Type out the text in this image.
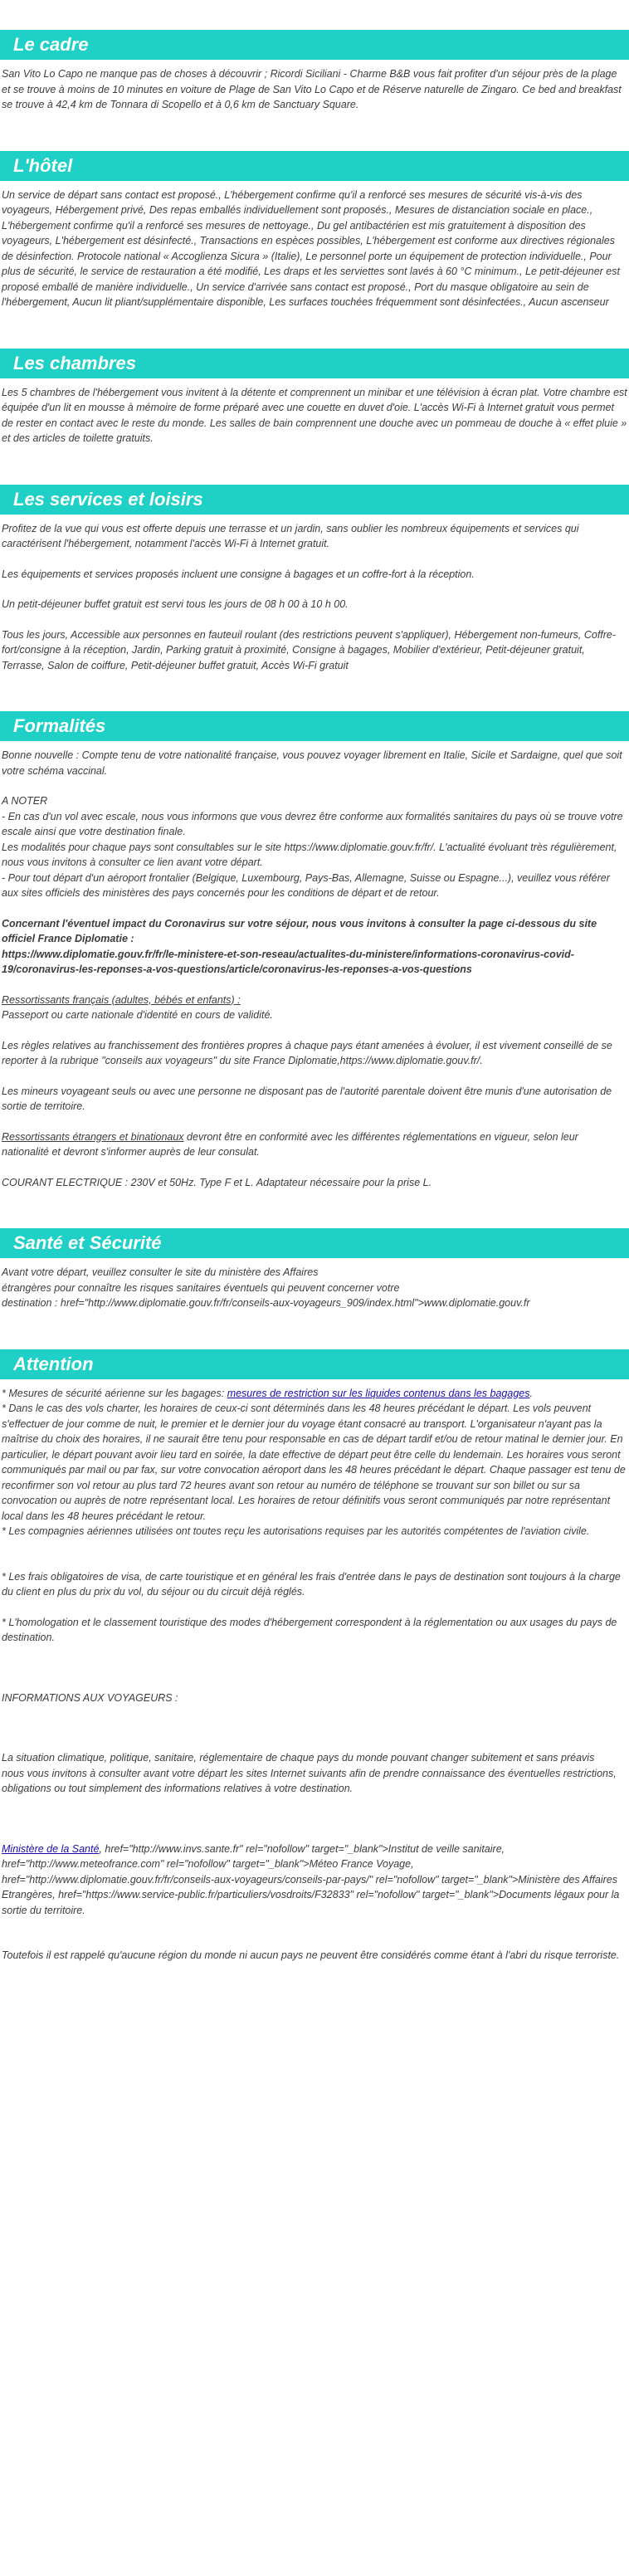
Le cadre

San Vito Lo Capo ne manque pas de choses à découvrir ; Ricordi Siciliani - Charme B&B vous fait profiter d'un séjour près de la plage et se trouve à moins de 10 minutes en voiture de Plage de San Vito Lo Capo et de Réserve naturelle de Zingaro. Ce bed and breakfast se trouve à 42,4 km de Tonnara di Scopello et à 0,6 km de Sanctuary Square.

L'hôtel

Un service de départ sans contact est proposé., L'hébergement confirme qu'il a renforcé ses mesures de sécurité vis-à-vis des voyageurs, Hébergement privé, Des repas emballés individuellement sont proposés., Mesures de distanciation sociale en place., L'hébergement confirme qu'il a renforcé ses mesures de nettoyage., Du gel antibactérien est mis gratuitement à disposition des voyageurs, L'hébergement est désinfecté., Transactions en espèces possibles, L'hébergement est conforme aux directives régionales de désinfection. Protocole national « Accoglienza Sicura » (Italie), Le personnel porte un équipement de protection individuelle., Pour plus de sécurité, le service de restauration a été modifié, Les draps et les serviettes sont lavés à 60 °C minimum., Le petit-déjeuner est proposé emballé de manière individuelle., Un service d'arrivée sans contact est proposé., Port du masque obligatoire au sein de l'hébergement, Aucun lit pliant/supplémentaire disponible, Les surfaces touchées fréquemment sont désinfectées., Aucun ascenseur

Les chambres

Les 5 chambres de l'hébergement vous invitent à la détente et comprennent un minibar et une télévision à écran plat. Votre chambre est équipée d'un lit en mousse à mémoire de forme préparé avec une couette en duvet d'oie. L'accès Wi-Fi à Internet gratuit vous permet de rester en contact avec le reste du monde. Les salles de bain comprennent une douche avec un pommeau de douche à « effet pluie » et des articles de toilette gratuits.

Les services et loisirs

Profitez de la vue qui vous est offerte depuis une terrasse et un jardin, sans oublier les nombreux équipements et services qui caractérisent l'hébergement, notamment l'accès Wi-Fi à Internet gratuit.

Les équipements et services proposés incluent une consigne à bagages et un coffre-fort à la réception.

Un petit-déjeuner buffet gratuit est servi tous les jours de 08 h 00 à 10 h 00.

Tous les jours, Accessible aux personnes en fauteuil roulant (des restrictions peuvent s'appliquer), Hébergement non-fumeurs, Coffre-fort/consigne à la réception, Jardin, Parking gratuit à proximité, Consigne à bagages, Mobilier d'extérieur, Petit-déjeuner gratuit, Terrasse, Salon de coiffure, Petit-déjeuner buffet gratuit, Accès Wi-Fi gratuit

Formalités

Bonne nouvelle : Compte tenu de votre nationalité française, vous pouvez voyager librement en Italie, Sicile et Sardaigne, quel que soit votre schéma vaccinal.

A NOTER

- En cas d'un vol avec escale, nous vous informons que vous devrez être conforme aux formalités sanitaires du pays où se trouve votre escale ainsi que votre destination finale.

Les modalités pour chaque pays sont consultables sur le site https://www.diplomatie.gouv.fr/fr/. L'actualité évoluant très régulièrement, nous vous invitons à consulter ce lien avant votre départ.

- Pour tout départ d'un aéroport frontalier (Belgique, Luxembourg, Pays-Bas, Allemagne, Suisse ou Espagne...), veuillez vous référer aux sites officiels des ministères des pays concernés pour les conditions de départ et de retour.

Concernant l'éventuel impact du Coronavirus sur votre séjour, nous vous invitons à consulter la page ci-dessous du site officiel France Diplomatie :

https://www.diplomatie.gouv.fr/fr/le-ministere-et-son-reseau/actualites-du-ministere/informations-coronavirus-covid-19/coronavirus-les-reponses-a-vos-questions/article/coronavirus-les-reponses-a-vos-questions

Ressortissants français (adultes, bébés et enfants) :

Passeport ou carte nationale d'identité en cours de validité.

Les règles relatives au franchissement des frontières propres à chaque pays étant amenées à évoluer, il est vivement conseillé de se reporter à la rubrique "conseils aux voyageurs" du site France Diplomatie,https://www.diplomatie.gouv.fr/.

Les mineurs voyageant seuls ou avec une personne ne disposant pas de l'autorité parentale doivent être munis d'une autorisation de sortie de territoire.

Ressortissants étrangers et binationaux devront être en conformité avec les différentes réglementations en vigueur, selon leur nationalité et devront s'informer auprès de leur consulat.

COURANT ELECTRIQUE : 230V et 50Hz. Type F et L. Adaptateur nécessaire pour la prise L.

Santé et Sécurité

Avant votre départ, veuillez consulter le site du ministère des Affaires

étrangères pour connaître les risques sanitaires éventuels qui peuvent concerner votre

destination : href="http://www.diplomatie.gouv.fr/fr/conseils-aux-voyageurs_909/index.html">www.diplomatie.gouv.fr

Attention

* Mesures de sécurité aérienne sur les bagages: mesures de restriction sur les liquides contenus dans les bagages.

* Dans le cas des vols charter, les horaires de ceux-ci sont déterminés dans les 48 heures précédant le départ. Les vols peuvent s'effectuer de jour comme de nuit, le premier et le dernier jour du voyage étant consacré au transport. L'organisateur n'ayant pas la maîtrise du choix des horaires, il ne saurait être tenu pour responsable en cas de départ tardif et/ou de retour matinal le dernier jour. En particulier, le départ pouvant avoir lieu tard en soirée, la date effective de départ peut être celle du lendemain. Les horaires vous seront communiqués par mail ou par fax, sur votre convocation aéroport dans les 48 heures précédant le départ. Chaque passager est tenu de reconfirmer son vol retour au plus tard 72 heures avant son retour au numéro de téléphone se trouvant sur son billet ou sur sa convocation ou auprès de notre représentant local. Les horaires de retour définitifs vous seront communiqués par notre représentant local dans les 48 heures précédant le retour.

* Les compagnies aériennes utilisées ont toutes reçu les autorisations requises par les autorités compétentes de l'aviation civile.

* Les frais obligatoires de visa, de carte touristique et en général les frais d'entrée dans le pays de destination sont toujours à la charge du client en plus du prix du vol, du séjour ou du circuit déjà réglés.

* L'homologation et le classement touristique des modes d'hébergement correspondent à la réglementation ou aux usages du pays de destination.

INFORMATIONS AUX VOYAGEURS :

La situation climatique, politique, sanitaire, réglementaire de chaque pays du monde pouvant changer subitement et sans préavis

nous vous invitons à consulter avant votre départ les sites Internet suivants afin de prendre connaissance des éventuelles restrictions, obligations ou tout simplement des informations relatives à votre destination.

Ministère de la Santé, href="http://www.invs.sante.fr" rel="nofollow" target="_blank">Institut de veille sanitaire, href="http://www.meteofrance.com" rel="nofollow" target="_blank">Méteo France Voyage, href="http://www.diplomatie.gouv.fr/fr/conseils-aux-voyageurs/conseils-par-pays/" rel="nofollow" target="_blank">Ministère des Affaires Etrangères, href="https://www.service-public.fr/particuliers/vosdroits/F32833" rel="nofollow" target="_blank">Documents légaux pour la sortie du territoire.

Toutefois il est rappelé qu'aucune région du monde ni aucun pays ne peuvent être considérés comme étant à l'abri du risque terroriste.
